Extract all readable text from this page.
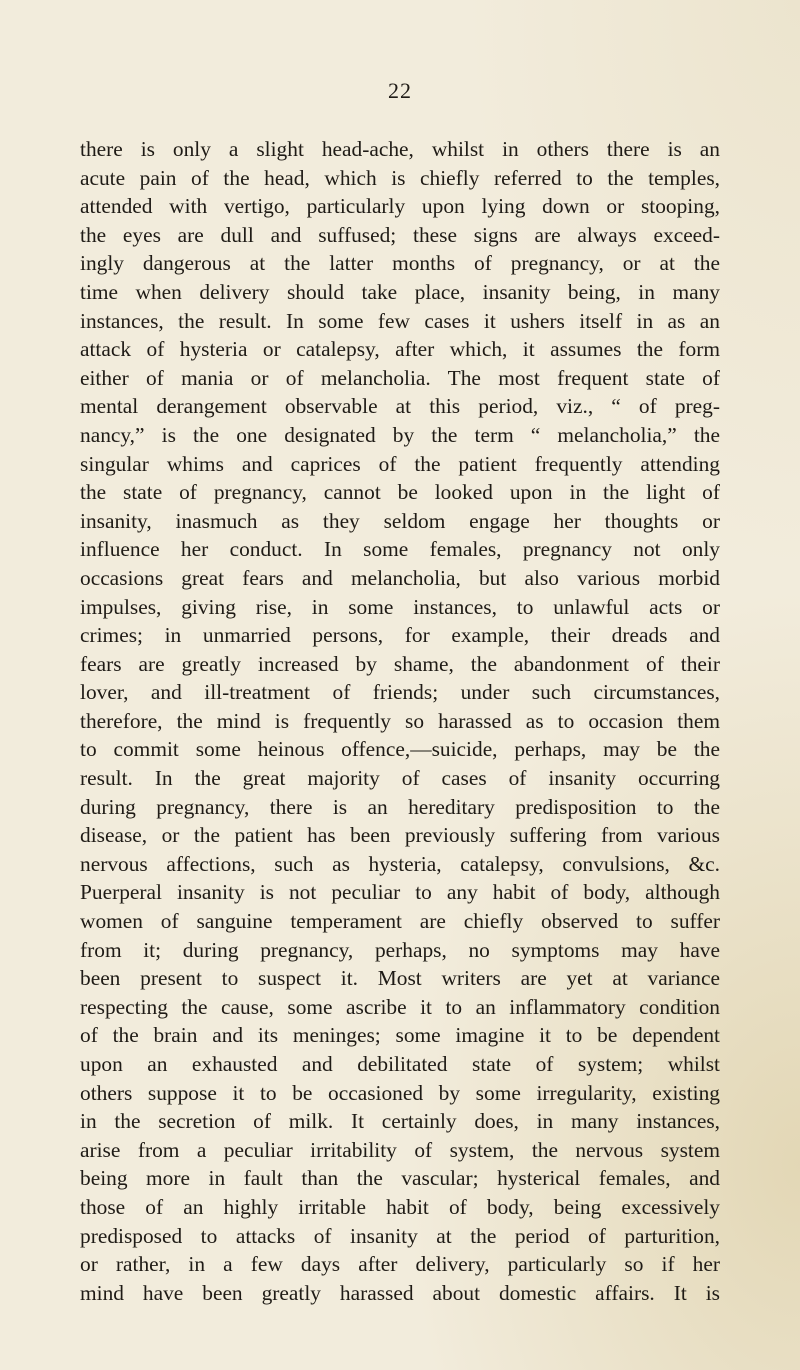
22
there is only a slight head-ache, whilst in others there is an
acute pain of the head, which is chiefly referred to the temples,
attended with vertigo, particularly upon lying down or stooping,
the eyes are dull and suffused; these signs are always exceed-
ingly dangerous at the latter months of pregnancy, or at the
time when delivery should take place, insanity being, in many
instances, the result. In some few cases it ushers itself in as an
attack of hysteria or catalepsy, after which, it assumes the form
either of mania or of melancholia. The most frequent state of
mental derangement observable at this period, viz., “ of preg-
nancy,” is the one designated by the term “ melancholia,” the
singular whims and caprices of the patient frequently attending
the state of pregnancy, cannot be looked upon in the light of
insanity, inasmuch as they seldom engage her thoughts or
influence her conduct. In some females, pregnancy not only
occasions great fears and melancholia, but also various morbid
impulses, giving rise, in some instances, to unlawful acts or
crimes; in unmarried persons, for example, their dreads and
fears are greatly increased by shame, the abandonment of their
lover, and ill-treatment of friends; under such circumstances,
therefore, the mind is frequently so harassed as to occasion them
to commit some heinous offence,—suicide, perhaps, may be the
result. In the great majority of cases of insanity occurring
during pregnancy, there is an hereditary predisposition to the
disease, or the patient has been previously suffering from various
nervous affections, such as hysteria, catalepsy, convulsions, &c.
Puerperal insanity is not peculiar to any habit of body, although
women of sanguine temperament are chiefly observed to suffer
from it; during pregnancy, perhaps, no symptoms may have
been present to suspect it. Most writers are yet at variance
respecting the cause, some ascribe it to an inflammatory condition
of the brain and its meninges; some imagine it to be dependent
upon an exhausted and debilitated state of system; whilst
others suppose it to be occasioned by some irregularity, existing
in the secretion of milk. It certainly does, in many instances,
arise from a peculiar irritability of system, the nervous system
being more in fault than the vascular; hysterical females, and
those of an highly irritable habit of body, being excessively
predisposed to attacks of insanity at the period of parturition,
or rather, in a few days after delivery, particularly so if her
mind have been greatly harassed about domestic affairs. It is
